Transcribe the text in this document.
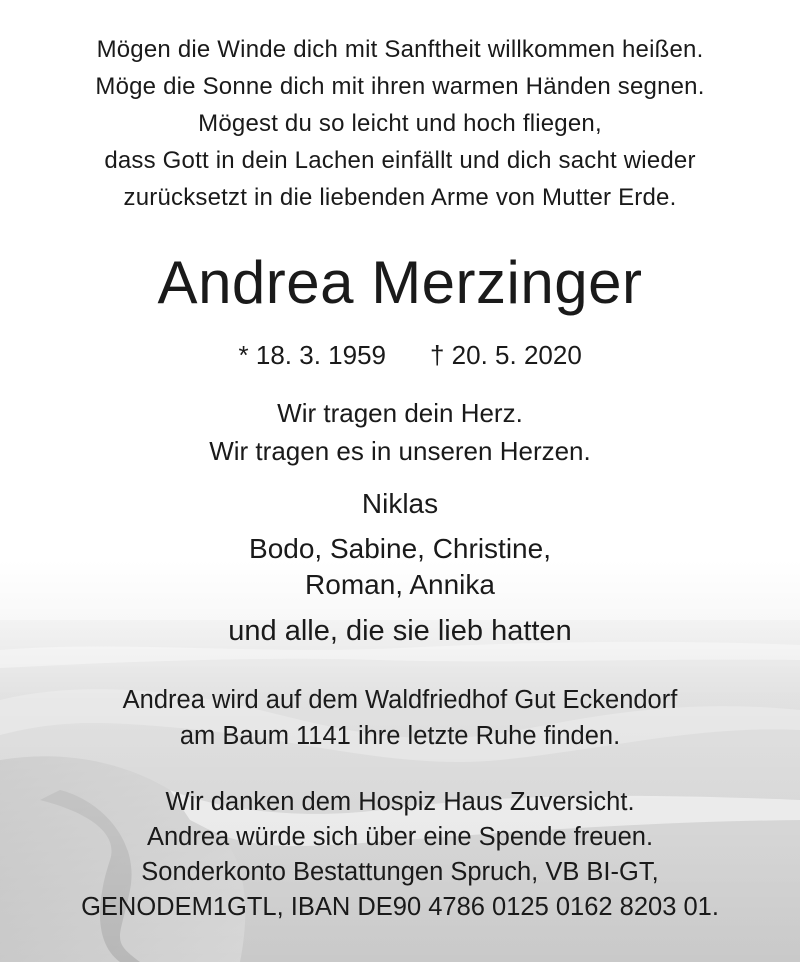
Mögen die Winde dich mit Sanftheit willkommen heißen.
Möge die Sonne dich mit ihren warmen Händen segnen.
Mögest du so leicht und hoch fliegen,
dass Gott in dein Lachen einfällt und dich sacht wieder
zurücksetzt in die liebenden Arme von Mutter Erde.
Andrea Merzinger
* 18. 3. 1959 † 20. 5. 2020
Wir tragen dein Herz.
Wir tragen es in unseren Herzen.
Niklas
Bodo, Sabine, Christine,
Roman, Annika
und alle, die sie lieb hatten
Andrea wird auf dem Waldfriedhof Gut Eckendorf
am Baum 1141 ihre letzte Ruhe finden.
Wir danken dem Hospiz Haus Zuversicht.
Andrea würde sich über eine Spende freuen.
Sonderkonto Bestattungen Spruch, VB BI-GT,
GENODEM1GTL, IBAN DE90 4786 0125 0162 8203 01.
